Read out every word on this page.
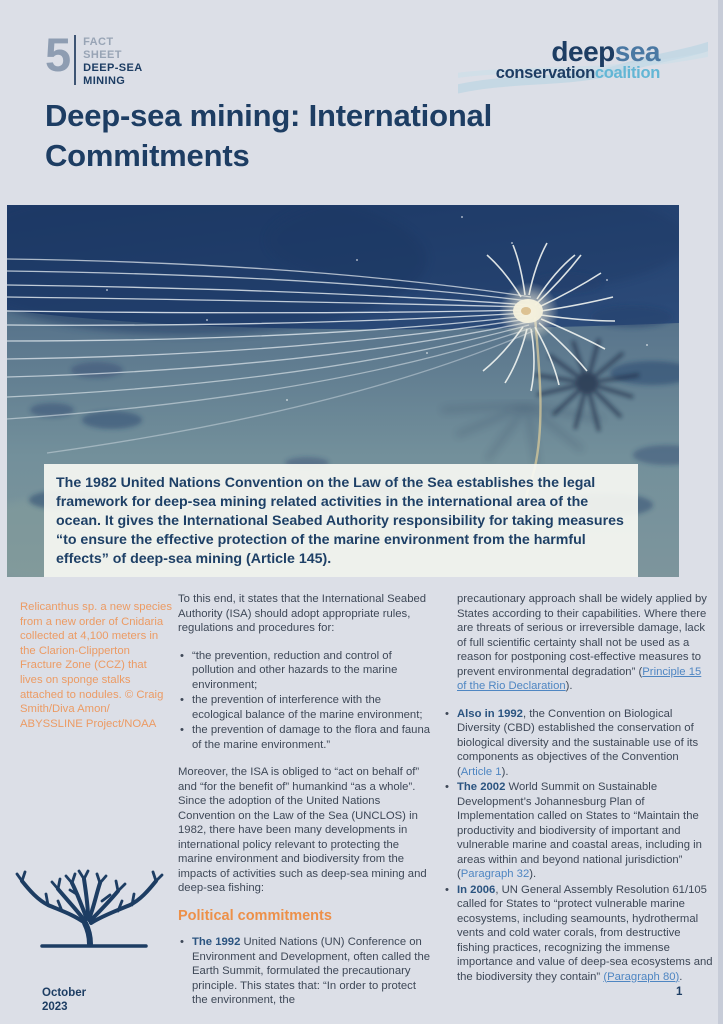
5 FACT
SHEET
DEEP-SEA
MINING
deepsea
conservationcoalition
Deep-sea mining: International
Commitments
The 1982 United Nations Convention on the Law of the Sea establishes the legal framework for deep-sea mining related activities in the international area of the ocean. It gives the International Seabed Authority responsibility for taking measures “to ensure the effective protection of the marine environment from the harmful effects” of deep-sea mining (Article 145).
Relicanthus sp. a new species from a new order of Cnidaria collected at 4,100 meters in the Clarion-Clipperton Fracture Zone (CCZ) that lives on sponge stalks attached to nodules. © Craig Smith/Diva Amon/ ABYSSLINE Project/NOAA

To this end, it states that the International Seabed Authority (ISA) should adopt appropriate rules, regulations and procedures for:

• “the prevention, reduction and control of pollution and other hazards to the marine environment;
• the prevention of interference with the ecological balance of the marine environment;
• the prevention of damage to the flora and fauna of the marine environment.”

Moreover, the ISA is obliged to “act on behalf of” and “for the benefit of” humankind “as a whole”. Since the adoption of the United Nations Convention on the Law of the Sea (UNCLOS) in 1982, there have been many developments in international policy relevant to protecting the marine environment and biodiversity from the impacts of activities such as deep-sea mining and deep-sea fishing:

Political commitments
• The 1992 United Nations (UN) Conference on Environment and Development, often called the Earth Summit, formulated the precautionary principle. This states that: “In order to protect the environment, the

precautionary approach shall be widely applied by States according to their capabilities. Where there are threats of serious or irreversible damage, lack of full scientific certainty shall not be used as a reason for postponing cost-effective measures to prevent environmental degradation” (Principle 15 of the Rio Declaration).

• Also in 1992, the Convention on Biological Diversity (CBD) established the conservation of biological diversity and the sustainable use of its components as objectives of the Convention (Article 1).
• The 2002 World Summit on Sustainable Development’s Johannesburg Plan of Implementation called on States to “Maintain the productivity and biodiversity of important and vulnerable marine and coastal areas, including in areas within and beyond national jurisdiction” (Paragraph 32).
• In 2006, UN General Assembly Resolution 61/105 called for States to “protect vulnerable marine ecosystems, including seamounts, hydrothermal vents and cold water corals, from destructive fishing practices, recognizing the immense importance and value of deep-sea ecosystems and the biodiversity they contain” (Paragraph 80).
October
2023
1
